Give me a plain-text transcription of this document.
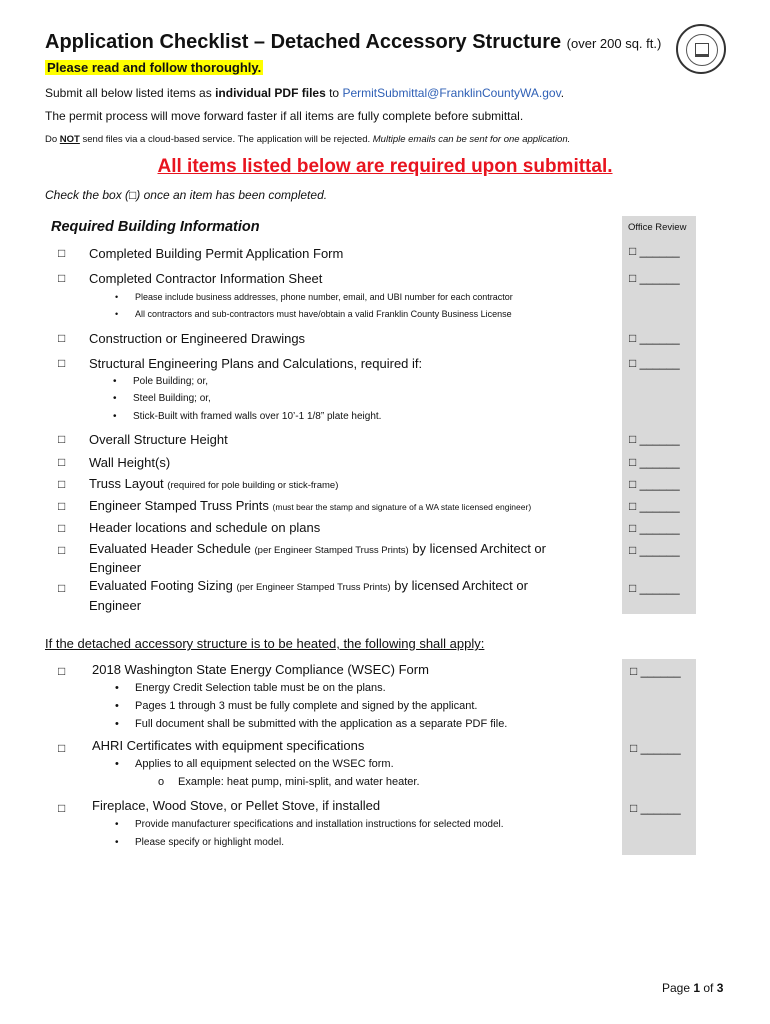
Application Checklist – Detached Accessory Structure (over 200 sq. ft.)
Please read and follow thoroughly.
Submit all below listed items as individual PDF files to PermitSubmittal@FranklinCountyWA.gov.
The permit process will move forward faster if all items are fully complete before submittal.
Do NOT send files via a cloud-based service. The application will be rejected. Multiple emails can be sent for one application.
All items listed below are required upon submittal.
Check the box (□) once an item has been completed.
Office Review
Required Building Information
□ Completed Building Permit Application Form	□ ______
□ Completed Contractor Information Sheet	□ ______
• Please include business addresses, phone number, email, and UBI number for each contractor
• All contractors and sub-contractors must have/obtain a valid Franklin County Business License
□ Construction or Engineered Drawings	□ ______
□ Structural Engineering Plans and Calculations, required if:	□ ______
• Pole Building; or,
• Steel Building; or,
• Stick-Built with framed walls over 10’-1 1/8” plate height.
□ Overall Structure Height	□ ______
□ Wall Height(s)	□ ______
□ Truss Layout (required for pole building or stick-frame)	□ ______
□ Engineer Stamped Truss Prints (must bear the stamp and signature of a WA state licensed engineer)	□ ______
□ Header locations and schedule on plans	□ ______
□ Evaluated Header Schedule (per Engineer Stamped Truss Prints) by licensed Architect or
Engineer
□ ______
□ Evaluated Footing Sizing (per Engineer Stamped Truss Prints) by licensed Architect or
Engineer
□ ______
If the detached accessory structure is to be heated, the following shall apply:
□ 2018 Washington State Energy Compliance (WSEC) Form	□ ______
• Energy Credit Selection table must be on the plans.
• Pages 1 through 3 must be fully complete and signed by the applicant.
• Full document shall be submitted with the application as a separate PDF file.
□ AHRI Certificates with equipment specifications	□ ______
• Applies to all equipment selected on the WSEC form.
o Example: heat pump, mini-split, and water heater.
□ Fireplace, Wood Stove, or Pellet Stove, if installed	□ ______
• Provide manufacturer specifications and installation instructions for selected model.
• Please specify or highlight model.
Page 1 of 3
